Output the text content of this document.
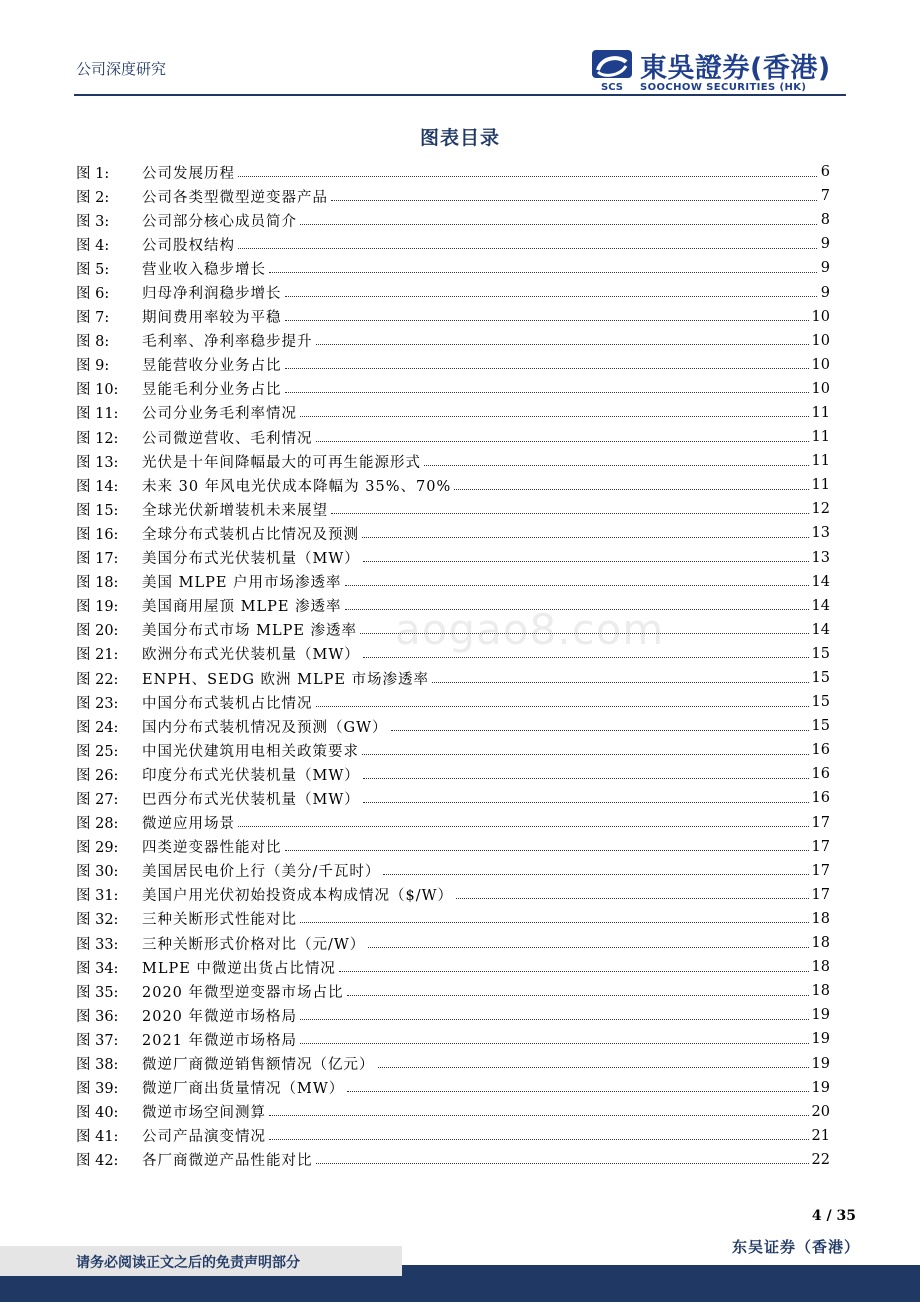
公司深度研究
SCS
東吳證券(香港)
SOOCHOW SECURITIES (HK)
图表目录
图 1:	公司发展历程	6
图 2:	公司各类型微型逆变器产品	7
图 3:	公司部分核心成员简介	8
图 4:	公司股权结构	9
图 5:	营业收入稳步增长	9
图 6:	归母净利润稳步增长	9
图 7:	期间费用率较为平稳	10
图 8:	毛利率、净利率稳步提升	10
图 9:	昱能营收分业务占比	10
图 10:	昱能毛利分业务占比	10
图 11:	公司分业务毛利率情况	11
图 12:	公司微逆营收、毛利情况	11
图 13:	光伏是十年间降幅最大的可再生能源形式	11
图 14:	未来 30 年风电光伏成本降幅为 35%、70%	11
图 15:	全球光伏新增装机未来展望	12
图 16:	全球分布式装机占比情况及预测	13
图 17:	美国分布式光伏装机量（MW）	13
图 18:	美国 MLPE 户用市场渗透率	14
图 19:	美国商用屋顶 MLPE 渗透率	14
图 20:	美国分布式市场 MLPE 渗透率	14
图 21:	欧洲分布式光伏装机量（MW）	15
图 22:	ENPH、SEDG 欧洲 MLPE 市场渗透率	15
图 23:	中国分布式装机占比情况	15
图 24:	国内分布式装机情况及预测（GW）	15
图 25:	中国光伏建筑用电相关政策要求	16
图 26:	印度分布式光伏装机量（MW）	16
图 27:	巴西分布式光伏装机量（MW）	16
图 28:	微逆应用场景	17
图 29:	四类逆变器性能对比	17
图 30:	美国居民电价上行（美分/千瓦时）	17
图 31:	美国户用光伏初始投资成本构成情况（$/W）	17
图 32:	三种关断形式性能对比	18
图 33:	三种关断形式价格对比（元/W）	18
图 34:	MLPE 中微逆出货占比情况	18
图 35:	2020 年微型逆变器市场占比	18
图 36:	2020 年微逆市场格局	19
图 37:	2021 年微逆市场格局	19
图 38:	微逆厂商微逆销售额情况（亿元）	19
图 39:	微逆厂商出货量情况（MW）	19
图 40:	微逆市场空间测算	20
图 41:	公司产品演变情况	21
图 42:	各厂商微逆产品性能对比	22
aogao8.com
4 / 35
请务必阅读正文之后的免责声明部分
东吴证券（香港）
